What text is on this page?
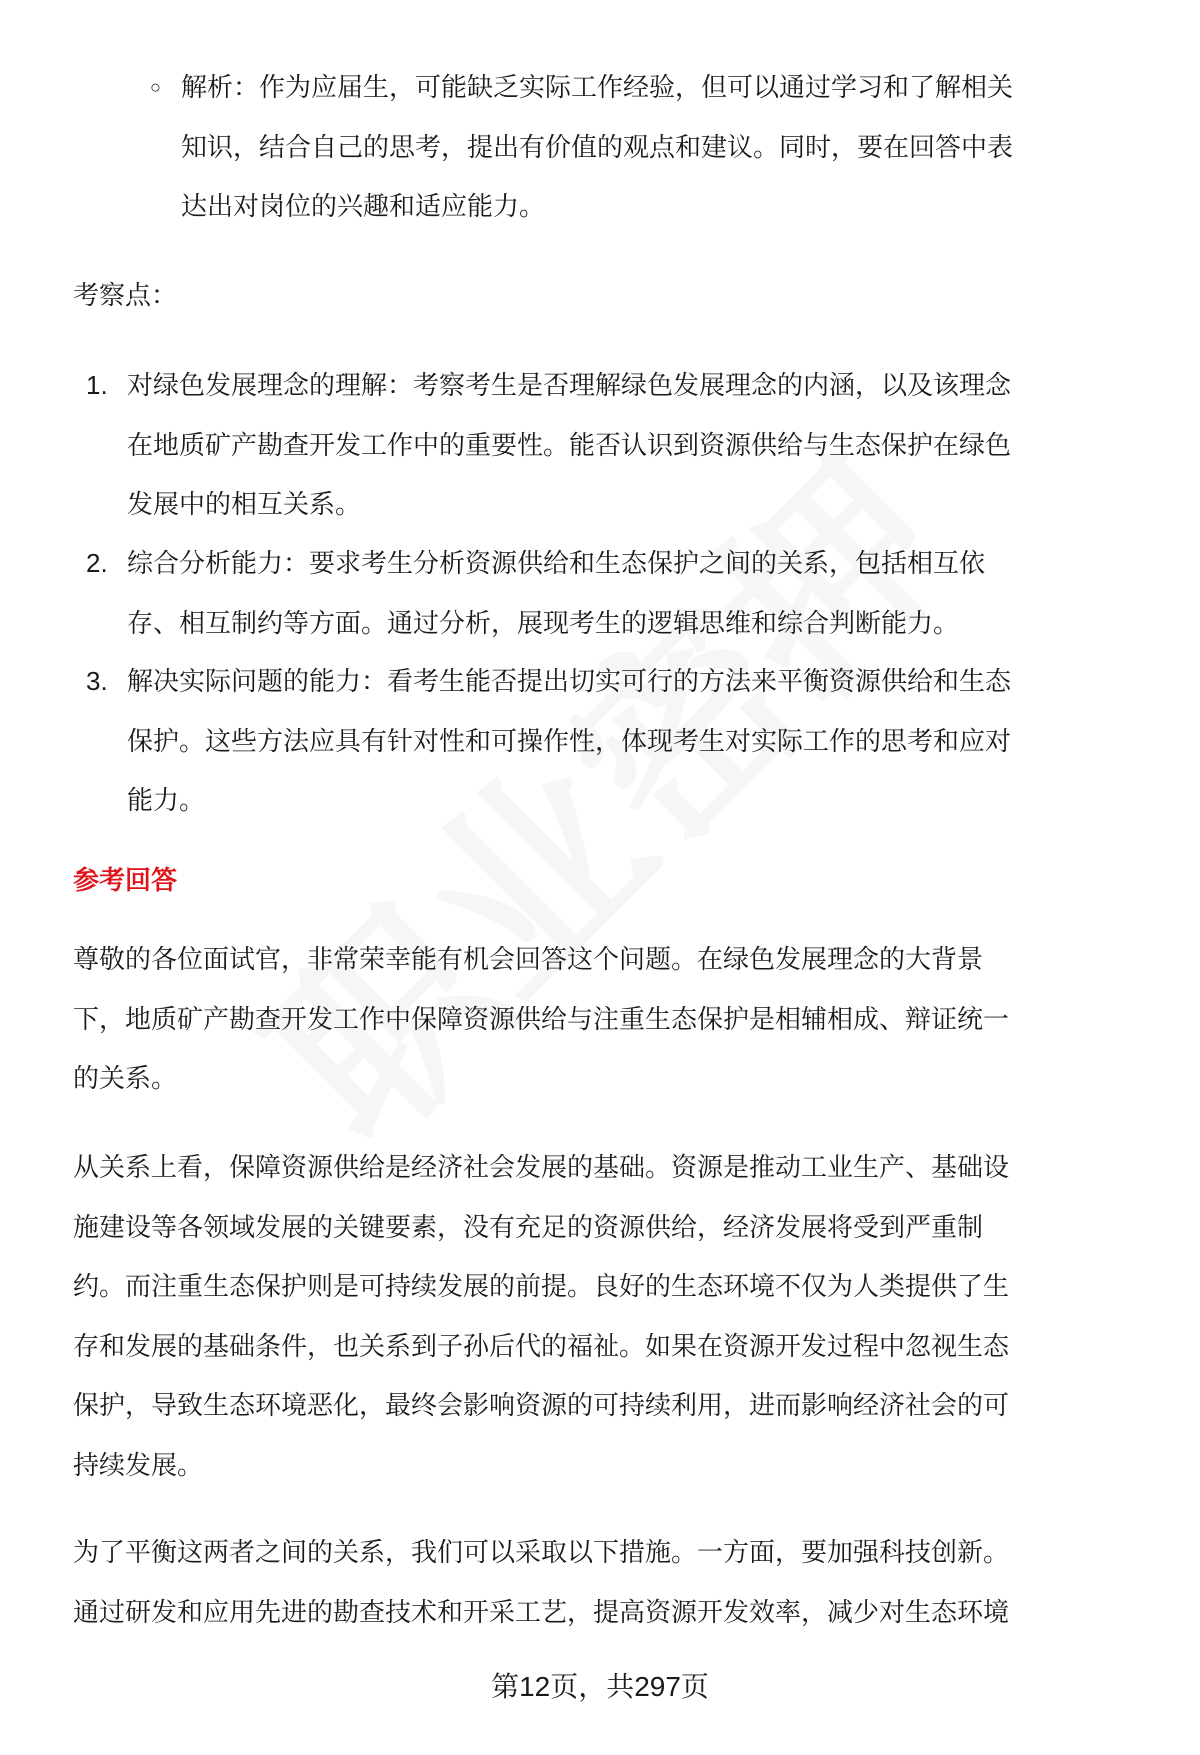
○ 解析：作为应届生，可能缺乏实际工作经验，但可以通过学习和了解相关
知识，结合自己的思考，提出有价值的观点和建议。同时，要在回答中表
达出对岗位的兴趣和适应能力。
考察点：
1. 对绿色发展理念的理解：考察考生是否理解绿色发展理念的内涵，以及该理念
在地质矿产勘查开发工作中的重要性。能否认识到资源供给与生态保护在绿色
发展中的相互关系。
2. 综合分析能力：要求考生分析资源供给和生态保护之间的关系，包括相互依
存、相互制约等方面。通过分析，展现考生的逻辑思维和综合判断能力。
3. 解决实际问题的能力：看考生能否提出切实可行的方法来平衡资源供给和生态
保护。这些方法应具有针对性和可操作性，体现考生对实际工作的思考和应对
能力。
参考回答
尊敬的各位面试官，非常荣幸能有机会回答这个问题。在绿色发展理念的大背景
下，地质矿产勘查开发工作中保障资源供给与注重生态保护是相辅相成、辩证统一
的关系。
从关系上看，保障资源供给是经济社会发展的基础。资源是推动工业生产、基础设
施建设等各领域发展的关键要素，没有充足的资源供给，经济发展将受到严重制
约。而注重生态保护则是可持续发展的前提。良好的生态环境不仅为人类提供了生
存和发展的基础条件，也关系到子孙后代的福祉。如果在资源开发过程中忽视生态
保护，导致生态环境恶化，最终会影响资源的可持续利用，进而影响经济社会的可
持续发展。
为了平衡这两者之间的关系，我们可以采取以下措施。一方面，要加强科技创新。
通过研发和应用先进的勘查技术和开采工艺，提高资源开发效率，减少对生态环境
第12页，共297页
